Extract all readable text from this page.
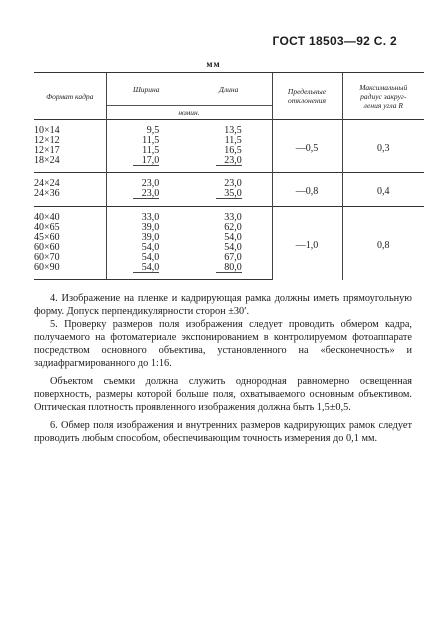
ГОСТ 18503—92 С. 2
мм
Формат кадра	Ширина	Длина	Предельные
отклонения	Максимальный
радиус закруг-
ления угла R
	номин.			
10×14	9,5	13,5	—0,5	0,3
12×12	11,5	11,5		
12×17	11,5	16,5		
18×24	17,0	23,0		
24×24	23,0	23,0	—0,8	0,4
24×36	23,0	35,0		
40×40	33,0	33,0	—1,0	0,8
40×65	39,0	62,0		
45×60	39,0	54,0		
60×60	54,0	54,0		
60×70	54,0	67,0		
60×90	54,0	80,0		

4. Изображение на пленке и кадрирующая рамка должны иметь прямоугольную форму. Допуск перпендикулярности сторон ±30′.

5. Проверку размеров поля изображения следует проводить обмером кадра, получаемого на фотоматериале экспонированием в контролируемом фотоаппарате посредством основного объектива, установленного на «бесконечность» и задиафрагмированного до 1:16.

Объектом съемки должна служить однородная равномерно освещенная поверхность, размеры которой больше поля, охватываемого основным объективом. Оптическая плотность проявленного изображения должна быть 1,5±0,5.

6. Обмер поля изображения и внутренних размеров кадрирующих рамок следует проводить любым способом, обеспечивающим точность измерения до 0,1 мм.
